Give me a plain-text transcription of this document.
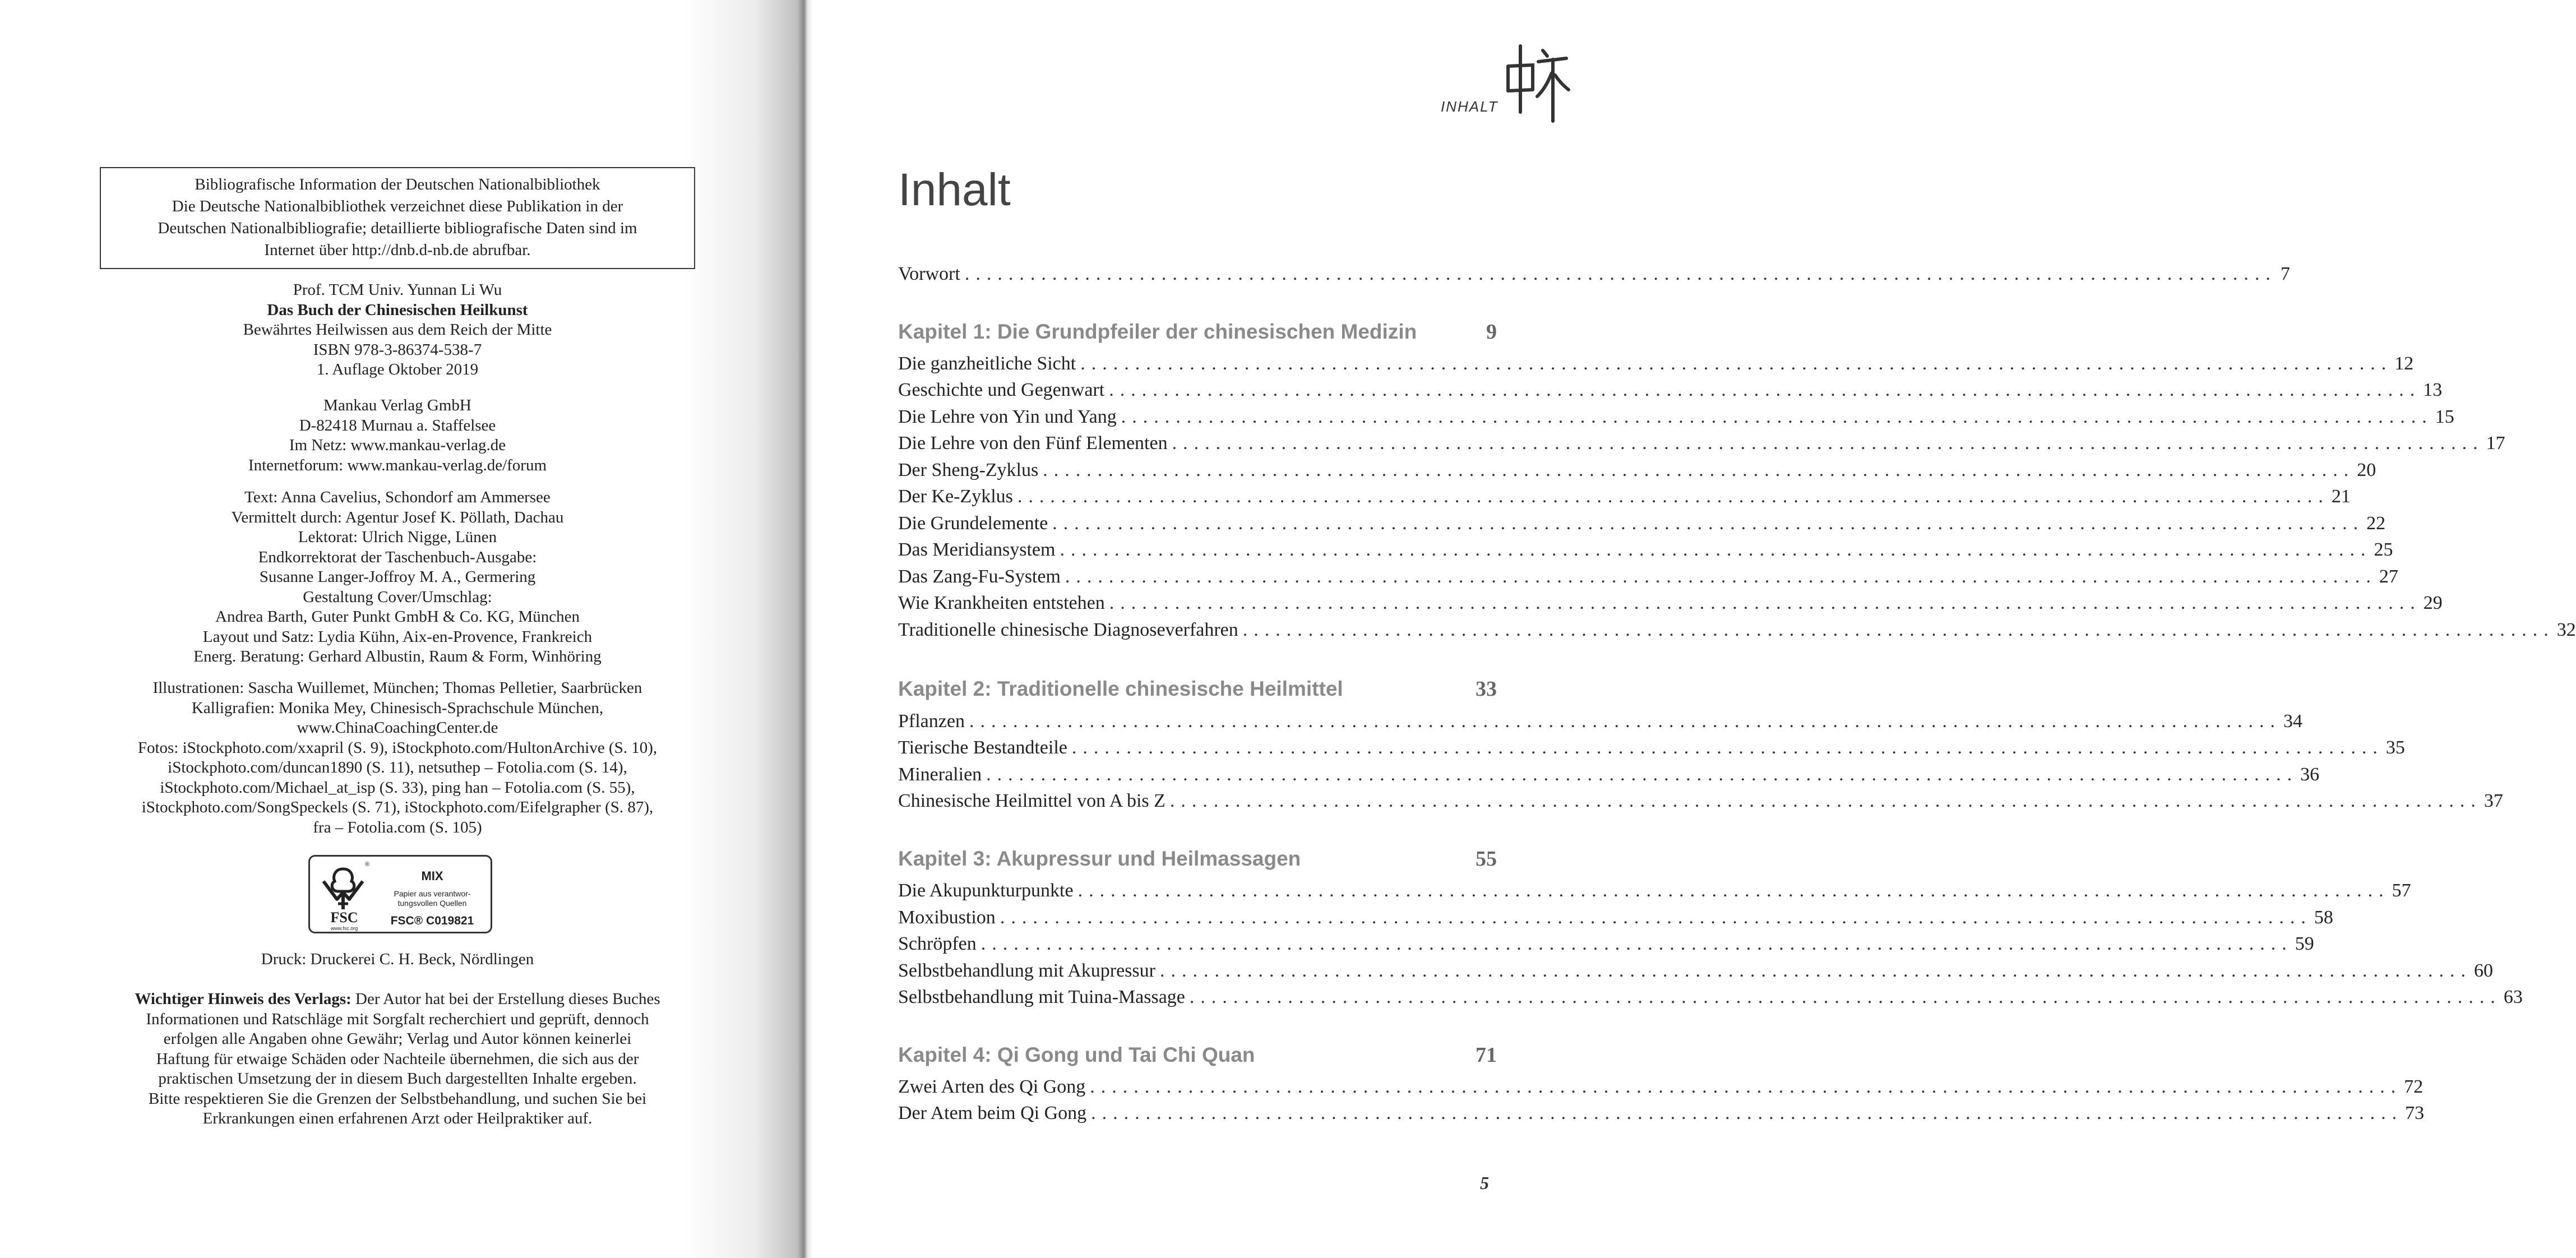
Bibliografische Information der Deutschen Nationalbibliothek
Die Deutsche Nationalbibliothek verzeichnet diese Publikation in der
Deutschen Nationalbibliografie; detaillierte bibliografische Daten sind im
Internet über http://dnb.d-nb.de abrufbar.
Prof. TCM Univ. Yunnan Li Wu
Das Buch der Chinesischen Heilkunst
Bewährtes Heilwissen aus dem Reich der Mitte
ISBN 978-3-86374-538-7
1. Auflage Oktober 2019
Mankau Verlag GmbH
D-82418 Murnau a. Staffelsee
Im Netz: www.mankau-verlag.de
Internetforum: www.mankau-verlag.de/forum
Text: Anna Cavelius, Schondorf am Ammersee
Vermittelt durch: Agentur Josef K. Pöllath, Dachau
Lektorat: Ulrich Nigge, Lünen
Endkorrektorat der Taschenbuch-Ausgabe:
Susanne Langer-Joffroy M. A., Germering
Gestaltung Cover/Umschlag:
Andrea Barth, Guter Punkt GmbH & Co. KG, München
Layout und Satz: Lydia Kühn, Aix-en-Provence, Frankreich
Energ. Beratung: Gerhard Albustin, Raum & Form, Winhöring
Illustrationen: Sascha Wuillemet, München; Thomas Pelletier, Saarbrücken
Kalligrafien: Monika Mey, Chinesisch-Sprachschule München,
www.ChinaCoachingCenter.de
Fotos: iStockphoto.com/xxapril (S. 9), iStockphoto.com/HultonArchive (S. 10),
iStockphoto.com/duncan1890 (S. 11), netsuthep – Fotolia.com (S. 14),
iStockphoto.com/Michael_at_isp (S. 33), ping han – Fotolia.com (S. 55),
iStockphoto.com/SongSpeckels (S. 71), iStockphoto.com/Eifelgrapher (S. 87),
fra – Fotolia.com (S. 105)
®
FSC
www.fsc.org
MIX
Papier aus verantwor-
tungsvollen Quellen
FSC® C019821
Druck: Druckerei C. H. Beck, Nördlingen
Wichtiger Hinweis des Verlags: Der Autor hat bei der Erstellung dieses Buches
Informationen und Ratschläge mit Sorgfalt recherchiert und geprüft, dennoch
erfolgen alle Angaben ohne Gewähr; Verlag und Autor können keinerlei
Haftung für etwaige Schäden oder Nachteile übernehmen, die sich aus der
praktischen Umsetzung der in diesem Buch dargestellten Inhalte ergeben.
Bitte respektieren Sie die Grenzen der Selbstbehandlung, und suchen Sie bei
Erkrankungen einen erfahrenen Arzt oder Heilpraktiker auf.
INHALT
Inhalt
Vorwort ........................................................................................................................ 7
Kapitel 1: Die Grundpfeiler der chinesischen Medizin	9
Die ganzheitliche Sicht ........................................................................................................................ 12
Geschichte und Gegenwart ........................................................................................................................ 13
Die Lehre von Yin und Yang ........................................................................................................................ 15
Die Lehre von den Fünf Elementen ........................................................................................................................ 17
Der Sheng-Zyklus ........................................................................................................................ 20
Der Ke-Zyklus ........................................................................................................................ 21
Die Grundelemente ........................................................................................................................ 22
Das Meridiansystem ........................................................................................................................ 25
Das Zang-Fu-System ........................................................................................................................ 27
Wie Krankheiten entstehen ........................................................................................................................ 29
Traditionelle chinesische Diagnoseverfahren ........................................................................................................................ 32
Kapitel 2: Traditionelle chinesische Heilmittel	33
Pflanzen ........................................................................................................................ 34
Tierische Bestandteile ........................................................................................................................ 35
Mineralien ........................................................................................................................ 36
Chinesische Heilmittel von A bis Z ........................................................................................................................ 37
Kapitel 3: Akupressur und Heilmassagen	55
Die Akupunkturpunkte ........................................................................................................................ 57
Moxibustion ........................................................................................................................ 58
Schröpfen ........................................................................................................................ 59
Selbstbehandlung mit Akupressur ........................................................................................................................ 60
Selbstbehandlung mit Tuina-Massage ........................................................................................................................ 63
Kapitel 4: Qi Gong und Tai Chi Quan	71
Zwei Arten des Qi Gong ........................................................................................................................ 72
Der Atem beim Qi Gong ........................................................................................................................ 73
5
